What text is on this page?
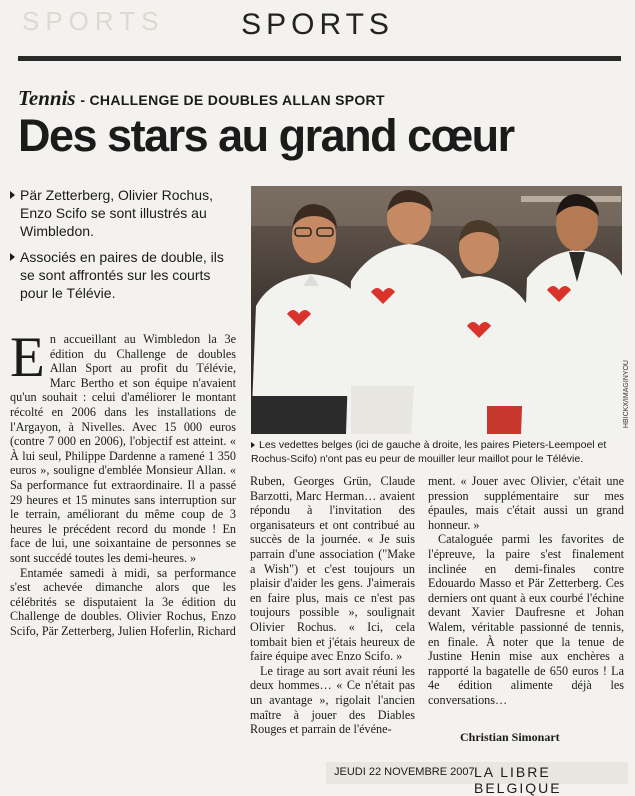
SPORTS	SPORTS
Tennis - CHALLENGE DE DOUBLES ALLAN SPORT
Des stars au grand cœur
Pär Zetterberg, Olivier Rochus, Enzo Scifo se sont illustrés au Wimbledon.
Associés en paires de double, ils se sont affrontés sur les courts pour le Télévie.
HBICKX/IMAGINYOU
Les vedettes belges (ici de gauche à droite, les paires Pieters-Leempoel et Rochus-Scifo) n'ont pas eu peur de mouiller leur maillot pour le Télévie.

En accueillant au Wimbledon la 3e édition du Challenge de doubles Allan Sport au profit du Télévie, Marc Bertho et son équipe n'avaient qu'un souhait : celui d'améliorer le montant récolté en 2006 dans les installations de l'Argayon, à Nivelles. Avec 15 000 euros (contre 7 000 en 2006), l'objectif est atteint. « À lui seul, Philippe Dardenne a ramené 1 350 euros », souligne d'emblée Monsieur Allan. « Sa performance fut extraordinaire. Il a passé 29 heures et 15 minutes sans interruption sur le terrain, améliorant du même coup de 3 heures le précédent record du monde ! En face de lui, une soixantaine de personnes se sont succédé toutes les demi-heures. »

Entamée samedi à midi, sa performance s'est achevée dimanche alors que les célébrités se disputaient la 3e édition du Challenge de doubles. Olivier Rochus, Enzo Scifo, Pär Zetterberg, Julien Hoferlin, Richard

Ruben, Georges Grün, Claude Barzotti, Marc Herman… avaient répondu à l'invitation des organisateurs et ont contribué au succès de la journée. « Je suis parrain d'une association ("Make a Wish") et c'est toujours un plaisir d'aider les gens. J'aimerais en faire plus, mais ce n'est pas toujours possible », soulignait Olivier Rochus. « Ici, cela tombait bien et j'étais heureux de faire équipe avec Enzo Scifo. »

Le tirage au sort avait réuni les deux hommes… « Ce n'était pas un avantage », rigolait l'ancien maître à jouer des Diables Rouges et parrain de l'événe-

ment. « Jouer avec Olivier, c'était une pression supplémentaire sur mes épaules, mais c'était aussi un grand honneur. »

Cataloguée parmi les favorites de l'épreuve, la paire s'est finalement inclinée en demi-finales contre Edouardo Masso et Pär Zetterberg. Ces derniers ont quant à eux courbé l'échine devant Xavier Daufresne et Johan Walem, véritable passionné de tennis, en finale. À noter que la tenue de Justine Henin mise aux enchères a rapporté la bagatelle de 650 euros ! La 4e édition alimente déjà les conversations…

Christian Simonart
JEUDI 22 NOVEMBRE 2007 LA LIBRE BELGIQUE
